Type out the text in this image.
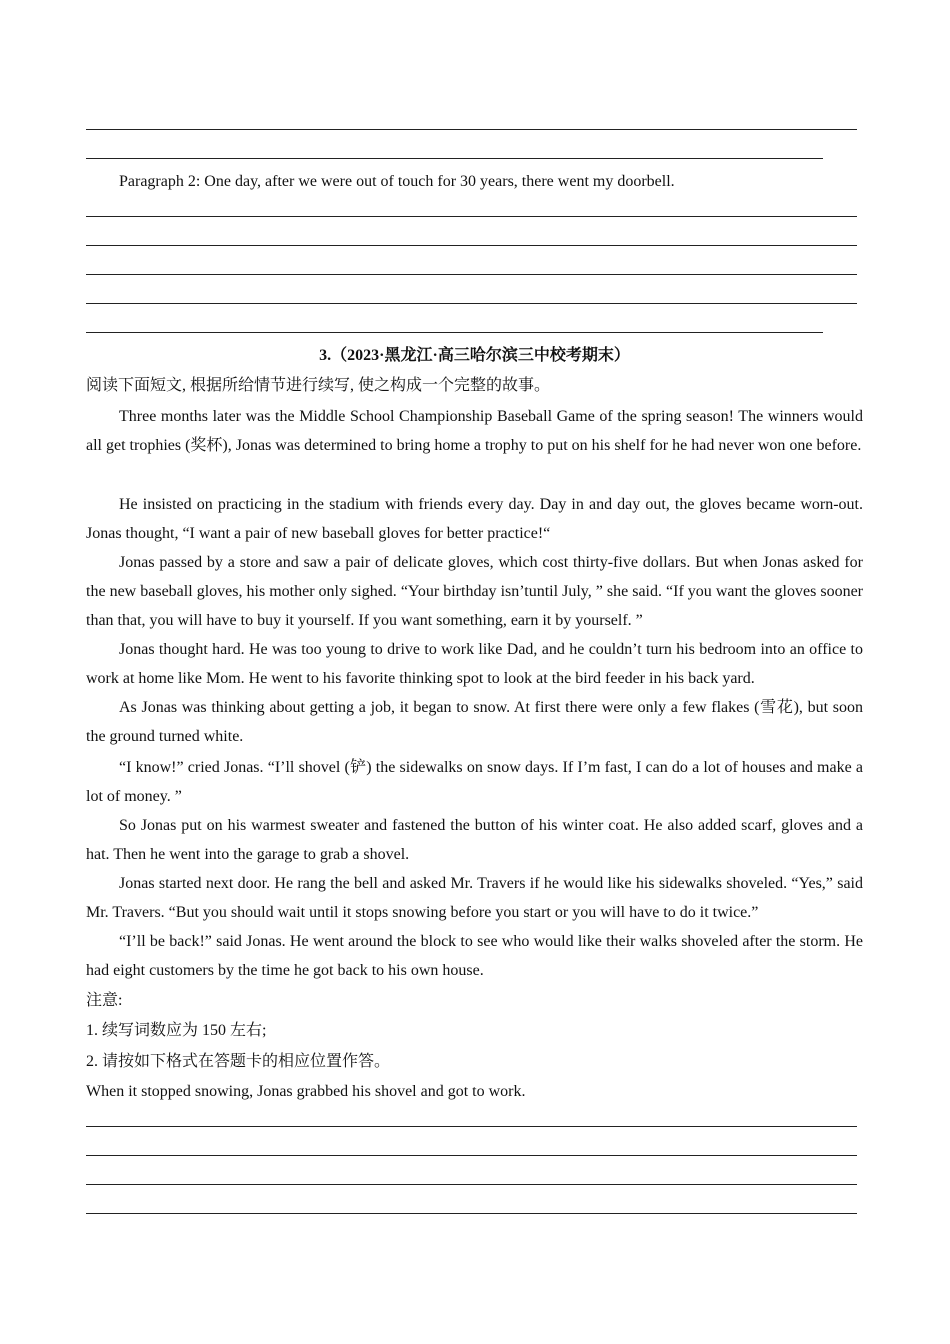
Paragraph 2: One day, after we were out of touch for 30 years, there went my doorbell.
3.（2023·黑龙江·高三哈尔滨三中校考期末）
阅读下面短文, 根据所给情节进行续写, 使之构成一个完整的故事。
Three months later was the Middle School Championship Baseball Game of the spring season! The winners would all get trophies (奖杯), Jonas was determined to bring home a trophy to put on his shelf for he had never won one before.
He insisted on practicing in the stadium with friends every day. Day in and day out, the gloves became worn-out. Jonas thought, “I want a pair of new baseball gloves for better practice!“
Jonas passed by a store and saw a pair of delicate gloves, which cost thirty-five dollars. But when Jonas asked for the new baseball gloves, his mother only sighed. “Your birthday isn’tuntil July, ” she said. “If you want the gloves sooner than that, you will have to buy it yourself. If you want something, earn it by yourself. ”
Jonas thought hard. He was too young to drive to work like Dad, and he couldn’t turn his bedroom into an office to work at home like Mom. He went to his favorite thinking spot to look at the bird feeder in his back yard.
As Jonas was thinking about getting a job, it began to snow. At first there were only a few flakes (雪花), but soon the ground turned white.
“I know!” cried Jonas. “I’ll shovel (铲) the sidewalks on snow days. If I’m fast, I can do a lot of houses and make a lot of money. ”
So Jonas put on his warmest sweater and fastened the button of his winter coat. He also added scarf, gloves and a hat. Then he went into the garage to grab a shovel.
Jonas started next door. He rang the bell and asked Mr. Travers if he would like his sidewalks shoveled. “Yes,” said Mr. Travers. “But you should wait until it stops snowing before you start or you will have to do it twice.”
“I’ll be back!” said Jonas. He went around the block to see who would like their walks shoveled after the storm. He had eight customers by the time he got back to his own house.
注意:
1. 续写词数应为 150 左右;
2. 请按如下格式在答题卡的相应位置作答。
When it stopped snowing, Jonas grabbed his shovel and got to work.
